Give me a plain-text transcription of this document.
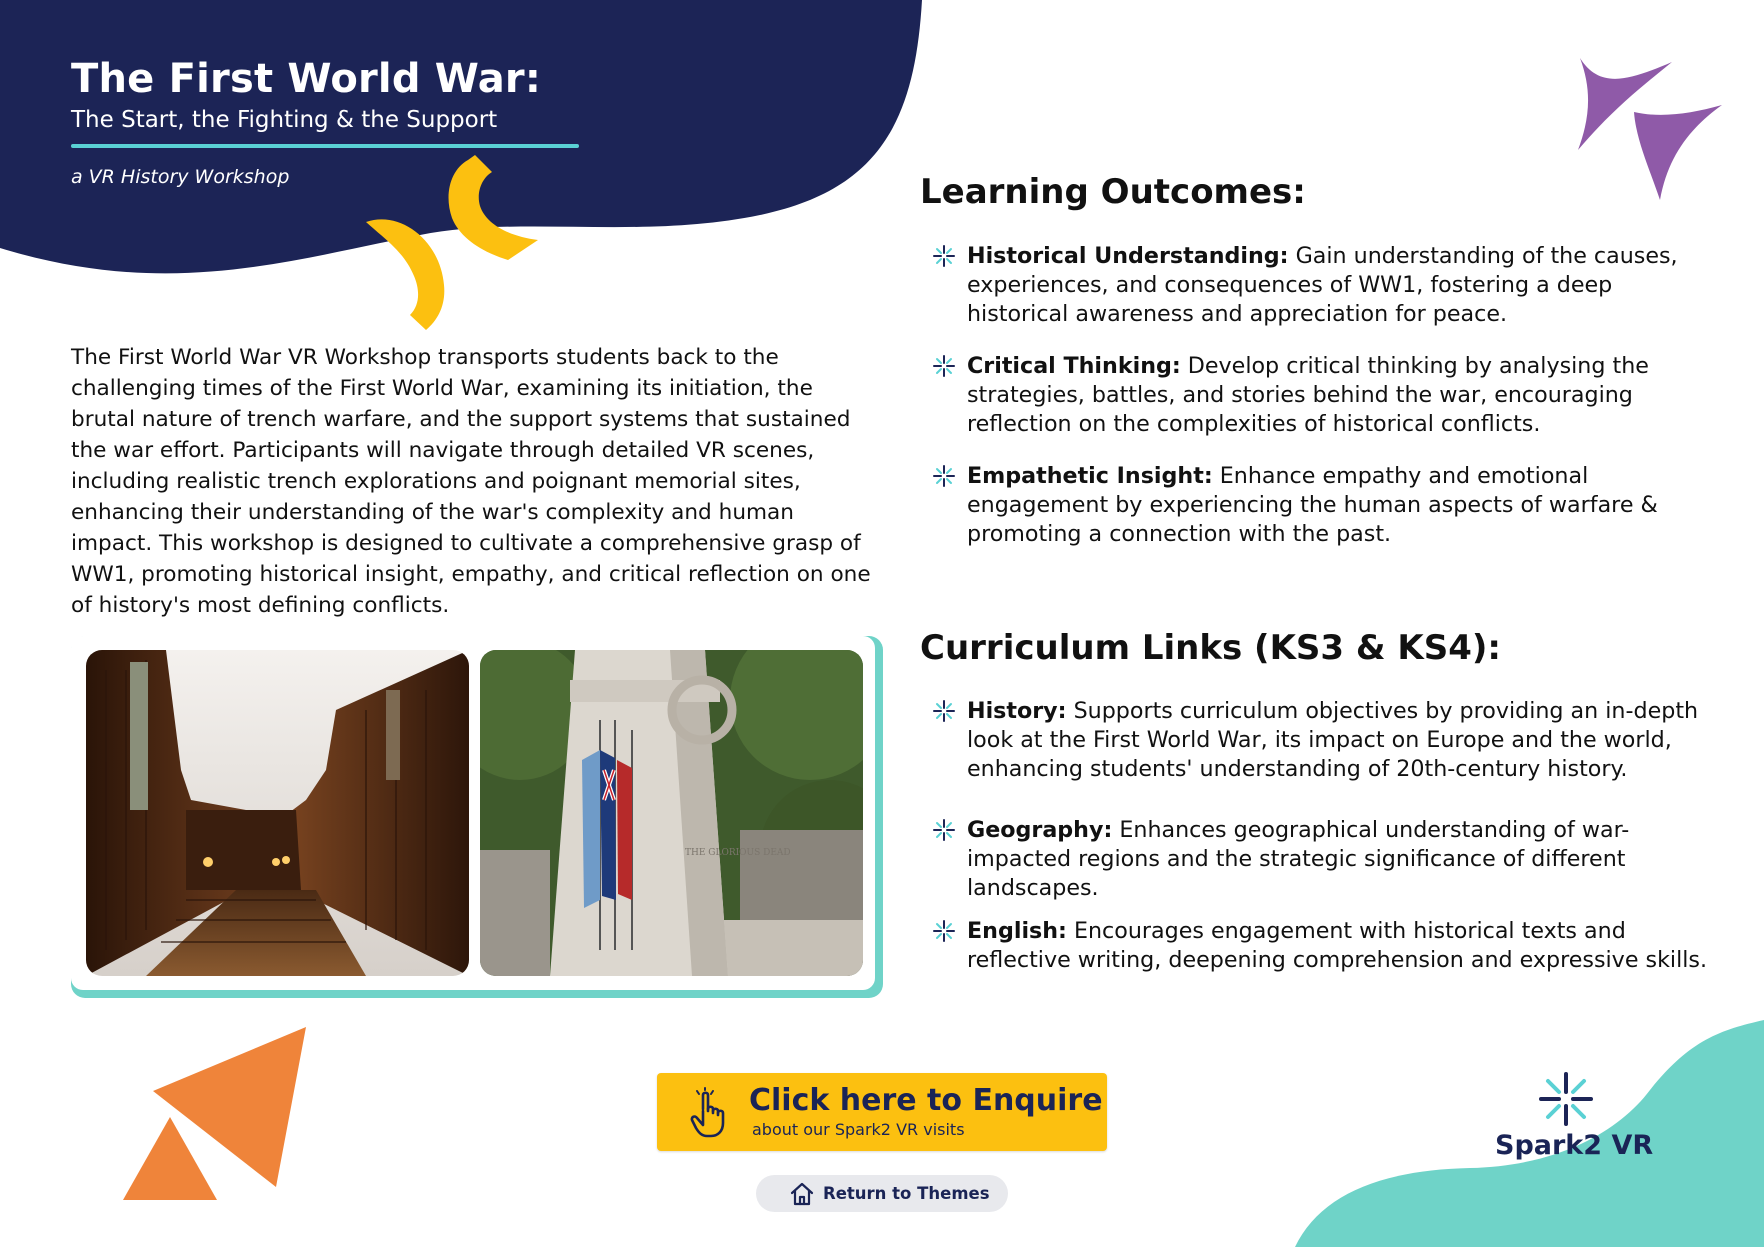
The First World War:
The Start, the Fighting & the Support
a VR History Workshop

The First World War VR Workshop transports students back to the challenging times of the First World War, examining its initiation, the brutal nature of trench warfare, and the support systems that sustained the war effort. Participants will navigate through detailed VR scenes, including realistic trench explorations and poignant memorial sites, enhancing their understanding of the war's complexity and human impact. This workshop is designed to cultivate a comprehensive grasp of WW1, promoting historical insight, empathy, and critical reflection on one of history's most defining conflicts.

THE GLORIOUS DEAD
Learning Outcomes:

Historical Understanding: Gain understanding of the causes, experiences, and consequences of WW1, fostering a deep historical awareness and appreciation for peace.

Critical Thinking: Develop critical thinking by analysing the strategies, battles, and stories behind the war, encouraging reflection on the complexities of historical conflicts.

Empathetic Insight: Enhance empathy and emotional engagement by experiencing the human aspects of warfare & promoting a connection with the past.

Curriculum Links (KS3 & KS4):

History: Supports curriculum objectives by providing an in-depth look at the First World War, its impact on Europe and the world, enhancing students' understanding of 20th-century history.

Geography: Enhances geographical understanding of war-impacted regions and the strategic significance of different landscapes.

English: Encourages engagement with historical texts and reflective writing, deepening comprehension and expressive skills.

Click here to Enquire
about our Spark2 VR visits
Return to Themes
Spark2 VR
